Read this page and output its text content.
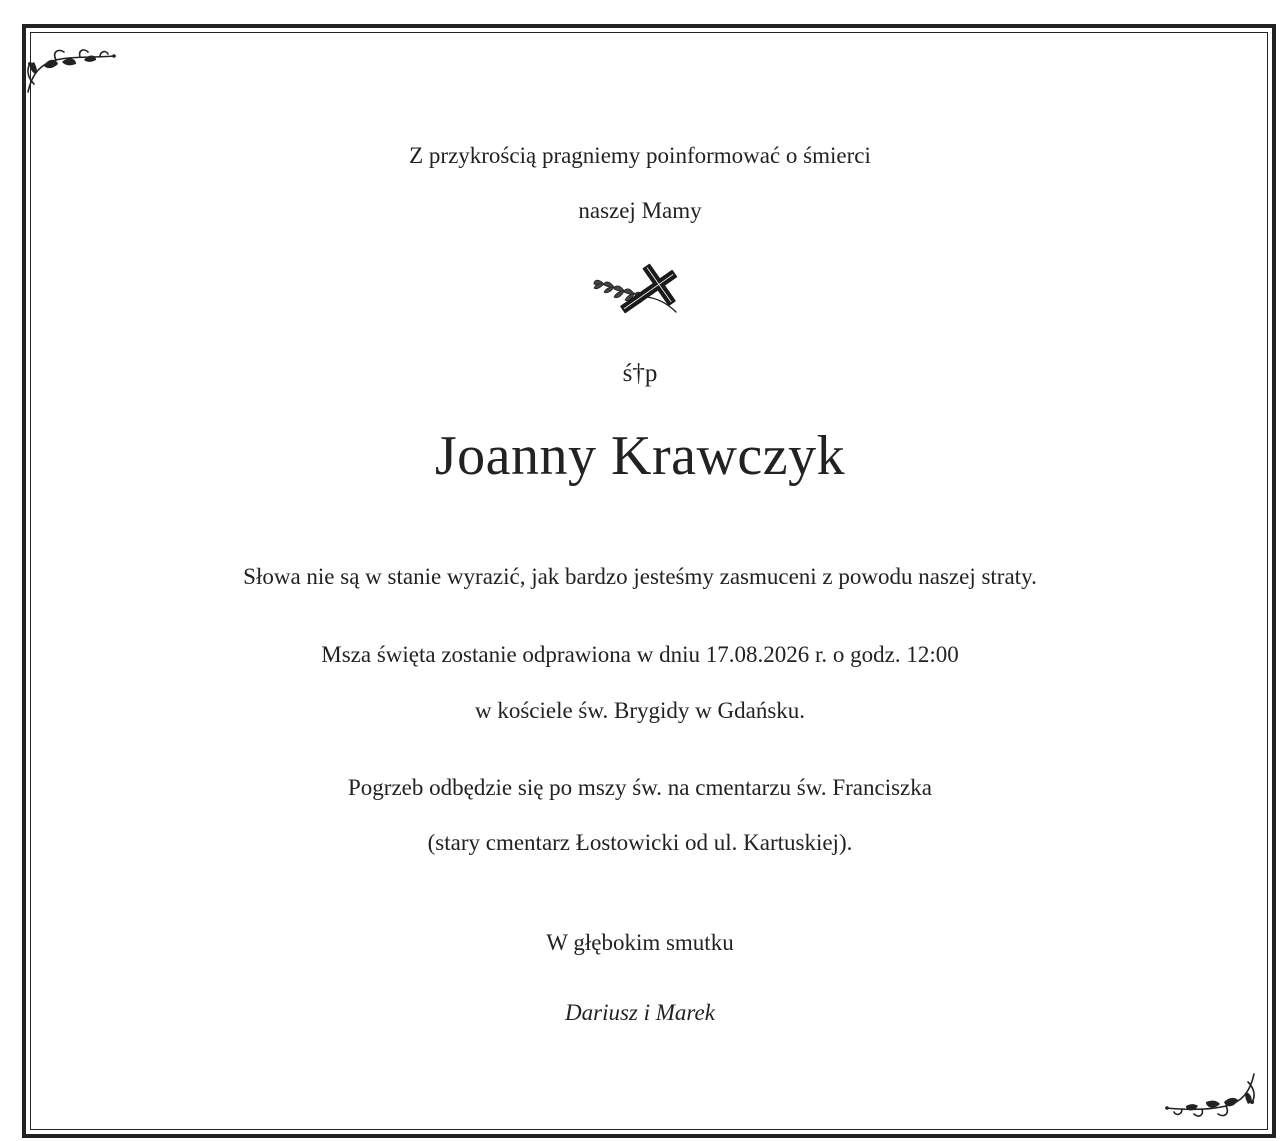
Z przykrością pragniemy poinformować o śmierci
naszej Mamy
ś†p
Joanny Krawczyk
Słowa nie są w stanie wyrazić, jak bardzo jesteśmy zasmuceni z powodu naszej straty.
Msza święta zostanie odprawiona w dniu 17.08.2026 r. o godz. 12:00
w kościele św. Brygidy w Gdańsku.
Pogrzeb odbędzie się po mszy św. na cmentarzu św. Franciszka
(stary cmentarz Łostowicki od ul. Kartuskiej).
W głębokim smutku
Dariusz i Marek
